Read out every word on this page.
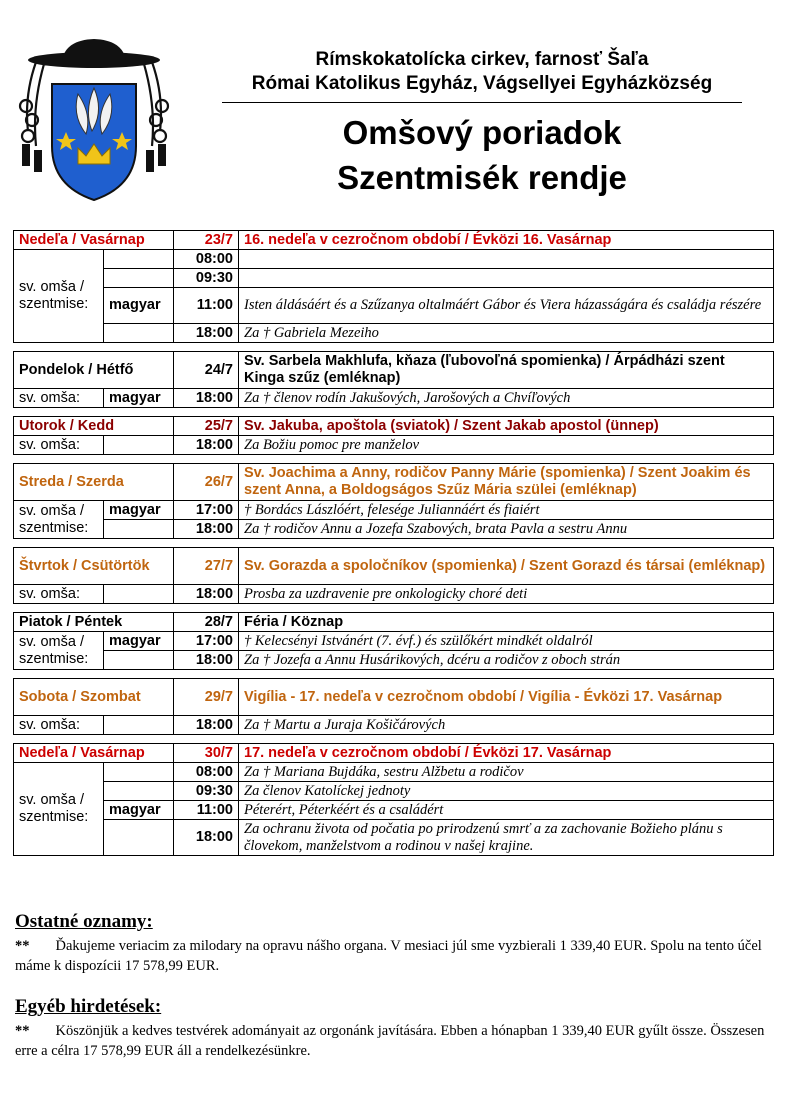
Rímskokatolícka cirkev, farnosť Šaľa
Római Katolikus Egyház, Vágsellyei Egyházközség
Omšový poriadok
Szentmisék rendje
Nedeľa / Vasárnap		23/7	16. nedeľa v cezročnom období / Évközi 16. Vasárnap
sv. omša / szentmise:		08:00	
		09:30	
	magyar	11:00	Isten áldásáért és a Szűzanya oltalmáért Gábor és Viera házasságára és családja részére
		18:00	Za † Gabriela Mezeiho
Pondelok / Hétfő		24/7	Sv. Sarbela Makhlufa, kňaza (ľubovoľná spomienka) / Árpádházi szent Kinga szűz (emléknap)
sv. omša:	magyar	18:00	Za † členov rodín Jakušových, Jarošových a Chvíľových
Utorok / Kedd		25/7	Sv. Jakuba, apoštola (sviatok) / Szent Jakab apostol (ünnep)
sv. omša:		18:00	Za Božiu pomoc pre manželov
Streda / Szerda		26/7	Sv. Joachima a Anny, rodičov Panny Márie (spomienka) / Szent Joakim és szent Anna, a Boldogságos Szűz Mária szülei (emléknap)
sv. omša / szentmise:	magyar	17:00	† Bordács Lászlóért, felesége Juliannáért és fiaiért
		18:00	Za † rodičov Annu a Jozefa Szabových, brata Pavla a sestru Annu
Štvrtok / Csütörtök		27/7	Sv. Gorazda a spoločníkov (spomienka) / Szent Gorazd és társai (emléknap)
sv. omša:		18:00	Prosba za uzdravenie pre onkologicky choré deti
Piatok / Péntek		28/7	Féria / Köznap
sv. omša / szentmise:	magyar	17:00	† Kelecsényi Istvánért (7. évf.) és szülőkért mindkét oldalról
		18:00	Za † Jozefa a Annu Husárikových, dcéru a rodičov z oboch strán
Sobota / Szombat		29/7	Vigília - 17. nedeľa v cezročnom období / Vigília - Évközi 17. Vasárnap
sv. omša:		18:00	Za † Martu a Juraja Košičárových
Nedeľa / Vasárnap		30/7	17. nedeľa v cezročnom období / Évközi 17. Vasárnap
sv. omša / szentmise:		08:00	Za † Mariana Bujdáka, sestru Alžbetu a rodičov
		09:30	Za členov Katolíckej jednoty
	magyar	11:00	Péterért, Péterkéért és a családért
		18:00	Za ochranu života od počatia po prirodzenú smrť a za zachovanie Božieho plánu s človekom, manželstvom a rodinou v našej krajine.
Ostatné oznamy:
** Ďakujeme veriacim za milodary na opravu nášho organa. V mesiaci júl sme vyzbierali 1 339,40 EUR. Spolu na tento účel máme k dispozícii 17 578,99 EUR.
Egyéb hirdetések:
** Köszönjük a kedves testvérek adományait az orgonánk javítására. Ebben a hónapban 1 339,40 EUR gyűlt össze. Összesen erre a célra 17 578,99 EUR áll a rendelkezésünkre.
